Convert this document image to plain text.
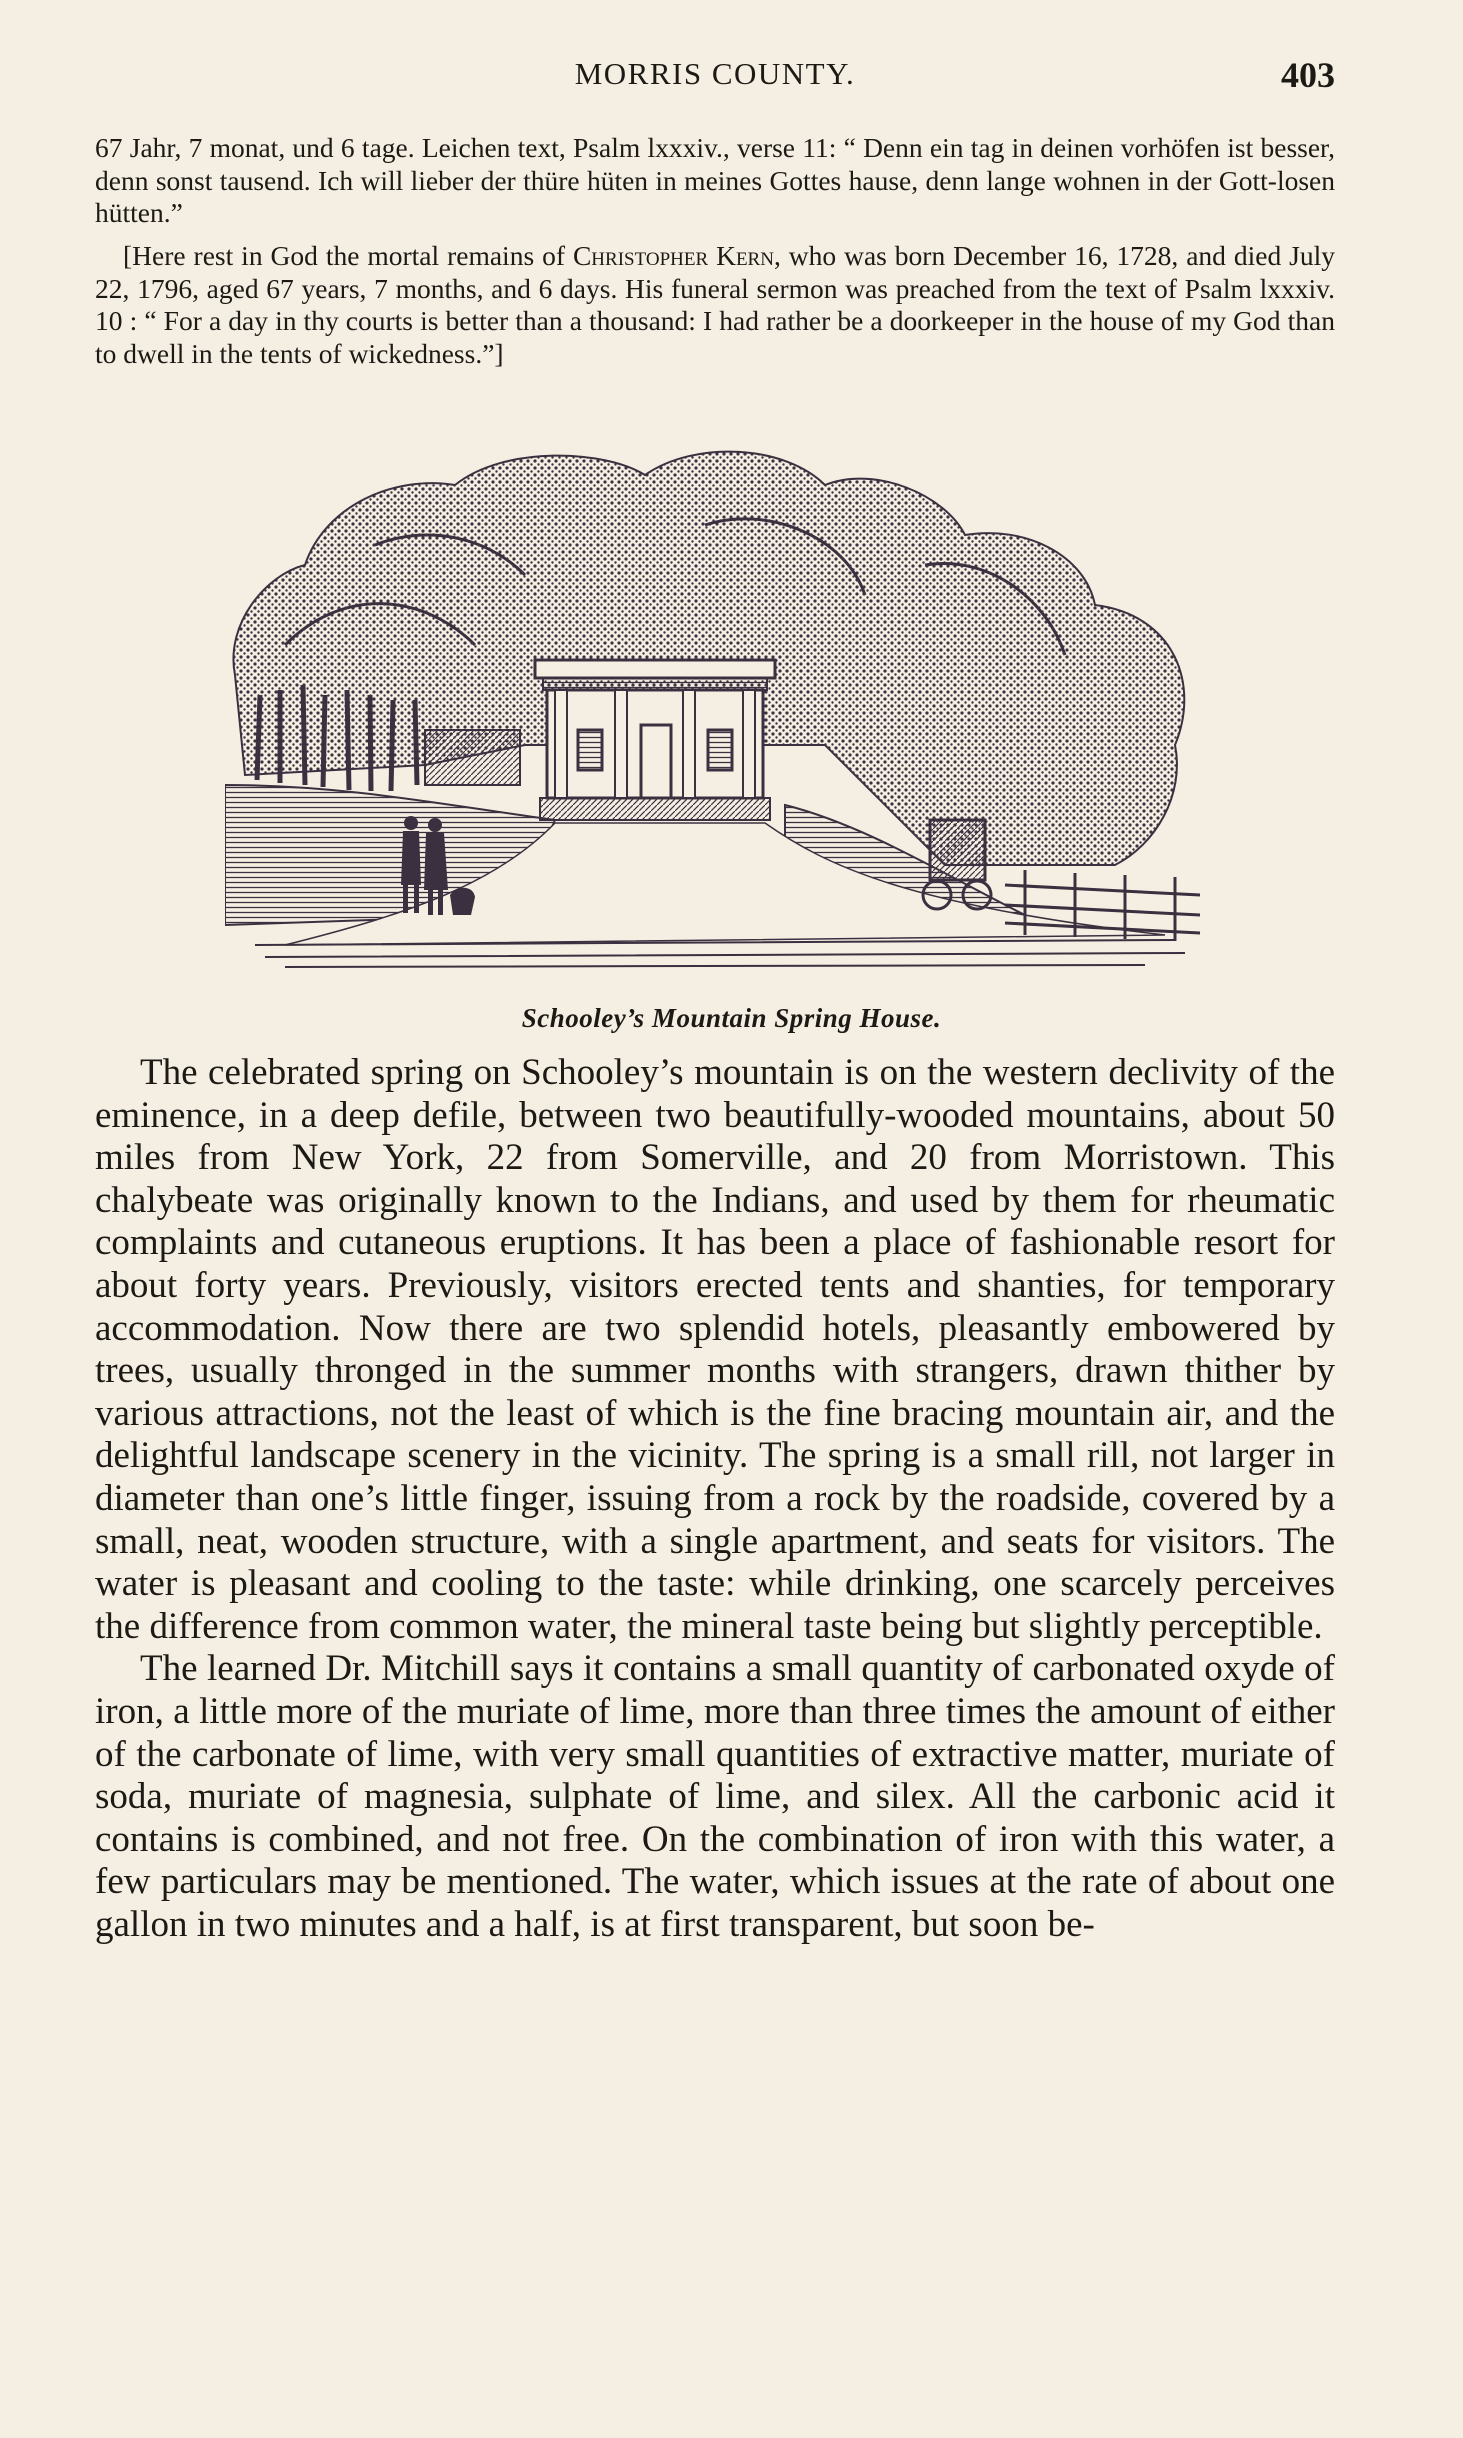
MORRIS COUNTY.	403

67 Jahr, 7 monat, und 6 tage. Leichen text, Psalm lxxxiv., verse 11: “ Denn ein tag in deinen vorhöfen ist besser, denn sonst tausend. Ich will lieber der thüre hüten in meines Gottes hause, denn lange wohnen in der Gott-losen hütten.”

[Here rest in God the mortal remains of Christopher Kern, who was born December 16, 1728, and died July 22, 1796, aged 67 years, 7 months, and 6 days. His funeral sermon was preached from the text of Psalm lxxxiv. 10 : “ For a day in thy courts is better than a thousand: I had rather be a doorkeeper in the house of my God than to dwell in the tents of wickedness.”]

Schooley’s Mountain Spring House.

The celebrated spring on Schooley’s mountain is on the western declivity of the eminence, in a deep defile, between two beautifully-wooded mountains, about 50 miles from New York, 22 from Somerville, and 20 from Morristown. This chalybeate was originally known to the Indians, and used by them for rheumatic complaints and cutaneous eruptions. It has been a place of fashionable resort for about forty years. Previously, visitors erected tents and shanties, for temporary accommodation. Now there are two splendid hotels, pleasantly embowered by trees, usually thronged in the summer months with strangers, drawn thither by various attractions, not the least of which is the fine bracing mountain air, and the delightful landscape scenery in the vicinity. The spring is a small rill, not larger in diameter than one’s little finger, issuing from a rock by the roadside, covered by a small, neat, wooden structure, with a single apartment, and seats for visitors. The water is pleasant and cooling to the taste: while drinking, one scarcely perceives the difference from common water, the mineral taste being but slightly perceptible.

The learned Dr. Mitchill says it contains a small quantity of carbonated oxyde of iron, a little more of the muriate of lime, more than three times the amount of either of the carbonate of lime, with very small quantities of extractive matter, muriate of soda, muriate of magnesia, sulphate of lime, and silex. All the carbonic acid it contains is combined, and not free. On the combination of iron with this water, a few particulars may be mentioned. The water, which issues at the rate of about one gallon in two minutes and a half, is at first transparent, but soon be-
